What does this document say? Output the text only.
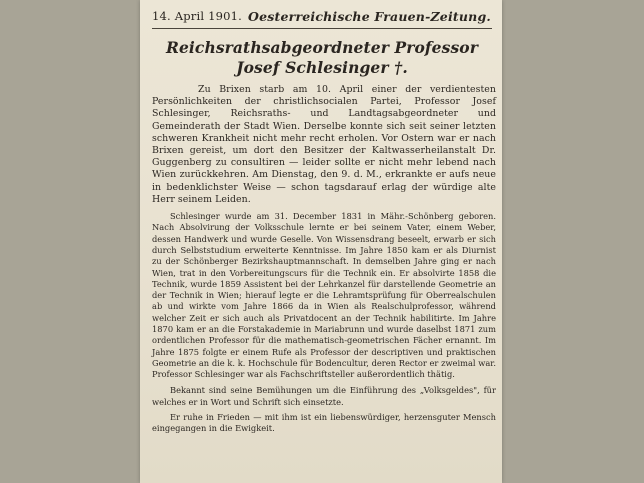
14. April 1901. Oesterreichische Frauen-Zeitung.
Reichsrathsabgeordneter Professor Josef Schlesinger †.

Zu Brixen starb am 10. April einer der verdientesten Persönlichkeiten der christlichsocialen Partei, Professor Josef Schlesinger, Reichsraths- und Landtagsabgeordneter und Gemeinderath der Stadt Wien. Derselbe konnte sich seit seiner letzten schweren Krankheit nicht mehr recht erholen. Vor Ostern war er nach Brixen gereist, um dort den Besitzer der Kaltwasserheilanstalt Dr. Guggenberg zu consultiren — leider sollte er nicht mehr lebend nach Wien zurückkehren. Am Dienstag, den 9. d. M., erkrankte er aufs neue in bedenklichster Weise — schon tagsdarauf erlag der würdige alte Herr seinem Leiden.

Schlesinger wurde am 31. December 1831 in Mähr.-Schönberg geboren. Nach Absolvirung der Volksschule lernte er bei seinem Vater, einem Weber, dessen Handwerk und wurde Geselle. Von Wissensdrang beseelt, erwarb er sich durch Selbststudium erweiterte Kenntnisse. Im Jahre 1850 kam er als Diurnist zu der Schönberger Bezirkshauptmannschaft. In demselben Jahre ging er nach Wien, trat in den Vorbereitungscurs für die Technik ein. Er absolvirte 1858 die Technik, wurde 1859 Assistent bei der Lehrkanzel für darstellende Geometrie an der Technik in Wien; hierauf legte er die Lehramtsprüfung für Oberrealschulen ab und wirkte vom Jahre 1866 da in Wien als Realschulprofessor, während welcher Zeit er sich auch als Privatdocent an der Technik habilitirte. Im Jahre 1870 kam er an die Forstakademie in Mariabrunn und wurde daselbst 1871 zum ordentlichen Professor für die mathematisch-geometrischen Fächer ernannt. Im Jahre 1875 folgte er einem Rufe als Professor der descriptiven und praktischen Geometrie an die k. k. Hochschule für Bodencultur, deren Rector er zweimal war. Professor Schlesinger war als Fachschriftsteller außerordentlich thätig.

Bekannt sind seine Bemühungen um die Einführung des „Volksgeldes", für welches er in Wort und Schrift sich einsetzte.

Er ruhe in Frieden — mit ihm ist ein liebenswürdiger, herzensguter Mensch eingegangen in die Ewigkeit.
